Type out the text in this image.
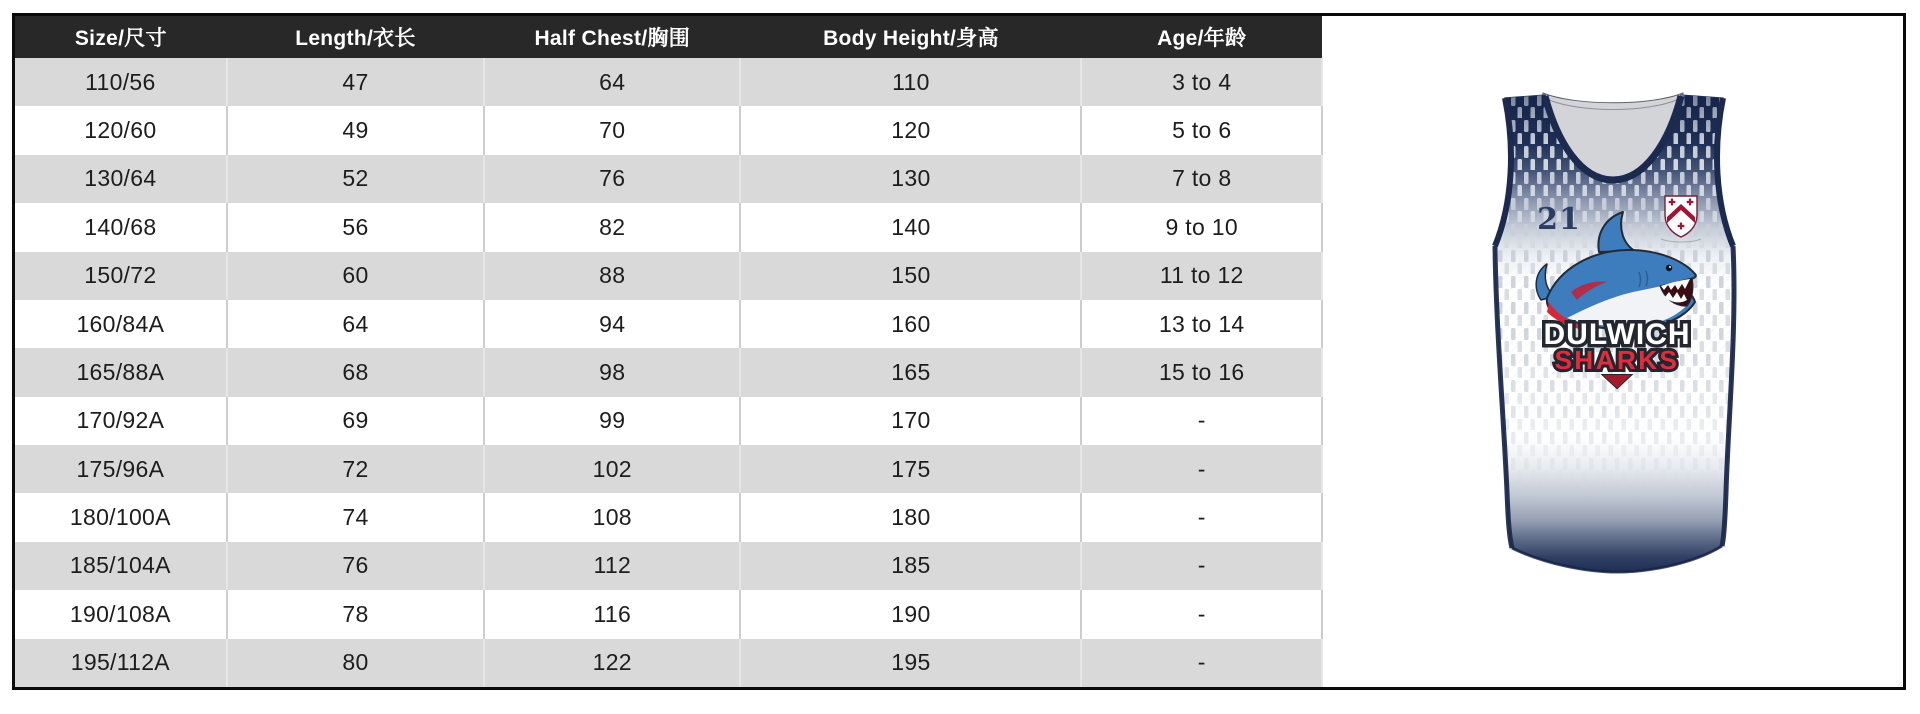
Size/尺寸	Length/衣长	Half Chest/胸围	Body Height/身高	Age/年龄
110/56	47	64	110	3 to 4
120/60	49	70	120	5 to 6
130/64	52	76	130	7 to 8
140/68	56	82	140	9 to 10
150/72	60	88	150	11 to 12
160/84A	64	94	160	13 to 14
165/88A	68	98	165	15 to 16
170/92A	69	99	170	-
175/96A	72	102	175	-
180/100A	74	108	180	-
185/104A	76	112	185	-
190/108A	78	116	190	-
195/112A	80	122	195	-
21
DULWICH
SHARKS
